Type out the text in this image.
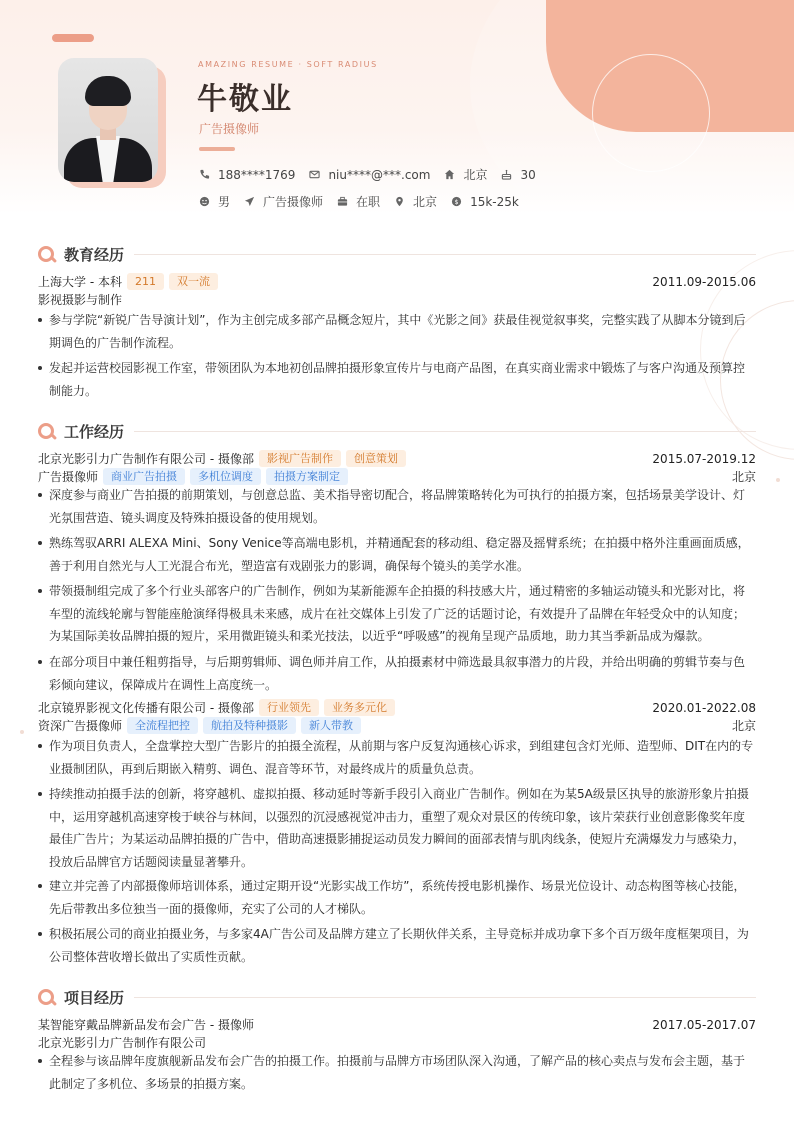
AMAZING RESUME · SOFT RADIUS
牛敬业
广告摄像师
188****1769	niu****@***.com	北京	30
男	广告摄像师	在职	北京 $ 15k-25k
教育经历
上海大学 - 本科	211	双一流	2011.09-2015.06
影视摄影与制作
参与学院“新锐广告导演计划”，作为主创完成多部产品概念短片，其中《光影之间》获最佳视觉叙事奖，完整实践了从脚本分镜到后期调色的广告制作流程。
发起并运营校园影视工作室，带领团队为本地初创品牌拍摄形象宣传片与电商产品图，在真实商业需求中锻炼了与客户沟通及预算控制能力。
工作经历
北京光影引力广告制作有限公司 - 摄像部	影视广告制作	创意策划	2015.07-2019.12
广告摄像师	商业广告拍摄	多机位调度	拍摄方案制定	北京
深度参与商业广告拍摄的前期策划，与创意总监、美术指导密切配合，将品牌策略转化为可执行的拍摄方案，包括场景美学设计、灯光氛围营造、镜头调度及特殊拍摄设备的使用规划。
熟练驾驭ARRI ALEXA Mini、Sony Venice等高端电影机，并精通配套的移动组、稳定器及摇臂系统；在拍摄中格外注重画面质感，善于利用自然光与人工光混合布光，塑造富有戏剧张力的影调，确保每个镜头的美学水准。
带领摄制组完成了多个行业头部客户的广告制作，例如为某新能源车企拍摄的科技感大片，通过精密的多轴运动镜头和光影对比，将车型的流线轮廓与智能座舱演绎得极具未来感，成片在社交媒体上引发了广泛的话题讨论，有效提升了品牌在年轻受众中的认知度；为某国际美妆品牌拍摄的短片，采用微距镜头和柔光技法，以近乎“呼吸感”的视角呈现产品质地，助力其当季新品成为爆款。
在部分项目中兼任粗剪指导，与后期剪辑师、调色师并肩工作，从拍摄素材中筛选最具叙事潜力的片段，并给出明确的剪辑节奏与色彩倾向建议，保障成片在调性上高度统一。
北京镜界影视文化传播有限公司 - 摄像部	行业领先	业务多元化	2020.01-2022.08
资深广告摄像师	全流程把控	航拍及特种摄影	新人带教	北京
作为项目负责人，全盘掌控大型广告影片的拍摄全流程，从前期与客户反复沟通核心诉求，到组建包含灯光师、造型师、DIT在内的专业摄制团队，再到后期嵌入精剪、调色、混音等环节，对最终成片的质量负总责。
持续推动拍摄手法的创新，将穿越机、虚拟拍摄、移动延时等新手段引入商业广告制作。例如在为某5A级景区执导的旅游形象片拍摄中，运用穿越机高速穿梭于峡谷与林间，以强烈的沉浸感视觉冲击力，重塑了观众对景区的传统印象，该片荣获行业创意影像奖年度最佳广告片；为某运动品牌拍摄的广告中，借助高速摄影捕捉运动员发力瞬间的面部表情与肌肉线条，使短片充满爆发力与感染力，投放后品牌官方话题阅读量显著攀升。
建立并完善了内部摄像师培训体系，通过定期开设“光影实战工作坊”，系统传授电影机操作、场景光位设计、动态构图等核心技能，先后带教出多位独当一面的摄像师，充实了公司的人才梯队。
积极拓展公司的商业拍摄业务，与多家4A广告公司及品牌方建立了长期伙伴关系，主导竞标并成功拿下多个百万级年度框架项目，为公司整体营收增长做出了实质性贡献。
项目经历
某智能穿戴品牌新品发布会广告 - 摄像师	2017.05-2017.07
北京光影引力广告制作有限公司
全程参与该品牌年度旗舰新品发布会广告的拍摄工作。拍摄前与品牌方市场团队深入沟通，了解产品的核心卖点与发布会主题，基于此制定了多机位、多场景的拍摄方案。
